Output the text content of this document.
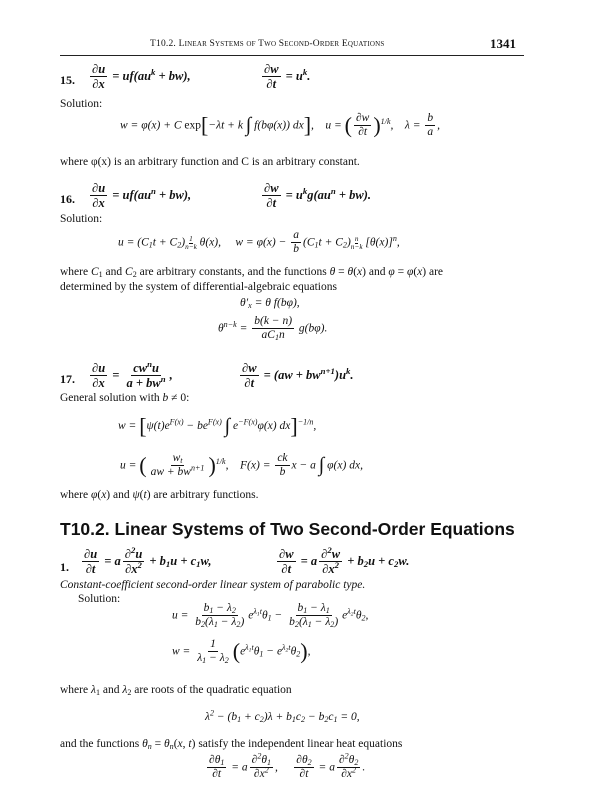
T10.2. Linear Systems of Two Second-Order Equations	1341
15. $\frac{\partial u}{\partial x} = uf(au^k + bw)$,	$\frac{\partial w}{\partial t} = u^k$.
Solution:
w = φ(x) + C exp[−λt + k ∫ f(bφ(x)) dx],    u = ( $\frac{\partial w}{\partial t} )^{1/k}$,    $\lambda = \frac{b}{a}$ ,
where φ(x) is an arbitrary function and C is an arbitrary constant.
16. $\frac{\partial u}{\partial x} = uf(au^n + bw)$,	$\frac{\partial w}{\partial t} = u^kg(au^n + bw)$.
Solution:
$u = (C_1t + C_2)$ $^{\frac{1}{n-k}}$ θ(x),     $w = \varphi(x) - \frac{a}{b} (C_1t + C_2)$ $^{\frac{n}{n-k}}$ $[\theta(x)]^n$,
where $C_1$ and $C_2$ are arbitrary constants, and the functions θ = θ(x) and φ = φ(x) are
determined by the system of differential-algebraic equations
$\theta'_x = \theta$ f(bφ),
$\theta^{n-k} = \frac{b(k - n)}{aC_1n} g(b\varphi)$.
17. $\frac{\partial u}{\partial x} = \frac{cw^nu}{a + bw^n}$ ,	$\frac{\partial w}{\partial t} = (aw + bw^{n+1})u^k$.
General solution with b ≠ 0:
$w = [\psi(t)e^{F(x)} - be^{F(x)}$ ∫ $e^{-F(x)}\varphi(x)$ dx]$^{-1/n}$,
u = ( $\frac{w_t}{aw + bw^{n+1}} )^{1/k}$,    $F(x) = \frac{ck}{b}$ x − a ∫ φ(x) dx,
where φ(x) and ψ(t) are arbitrary functions.
T10.2. Linear Systems of Two Second-Order Equations
1. $\frac{\partial u}{\partial t} = a \frac{\partial^2u}{\partial x^2} + b_1u + c_1w$,	$\frac{\partial w}{\partial t} = a \frac{\partial^2w}{\partial x^2} + b_2u + c_2w$.
Constant-coefficient second-order linear system of parabolic type.
Solution:
$u = \frac{b_1 - \lambda_2}{b_2(\lambda_1 - \lambda_2)} e^{\lambda_1t}\theta_1 - \frac{b_1 - \lambda_1}{b_2(\lambda_1 - \lambda_2)} e^{\lambda_2t}\theta_2$,
$w = \frac{1}{\lambda_1 - \lambda_2} (e^{\lambda_1t}\theta_1 - e^{\lambda_2t}\theta_2)$,
where $\lambda_1$ and $\lambda_2$ are roots of the quadratic equation
$\lambda^2 - (b_1 + c_2)\lambda + b_1c_2 - b_2c_1 = 0$,
and the functions $\theta_n = \theta_n(x$, t) satisfy the independent linear heat equations
$\frac{\partial\theta_1}{\partial t} = a \frac{\partial^2\theta_1}{\partial x^2}$ , $\frac{\partial\theta_2}{\partial t} = a \frac{\partial^2\theta_2}{\partial x^2}$ .
